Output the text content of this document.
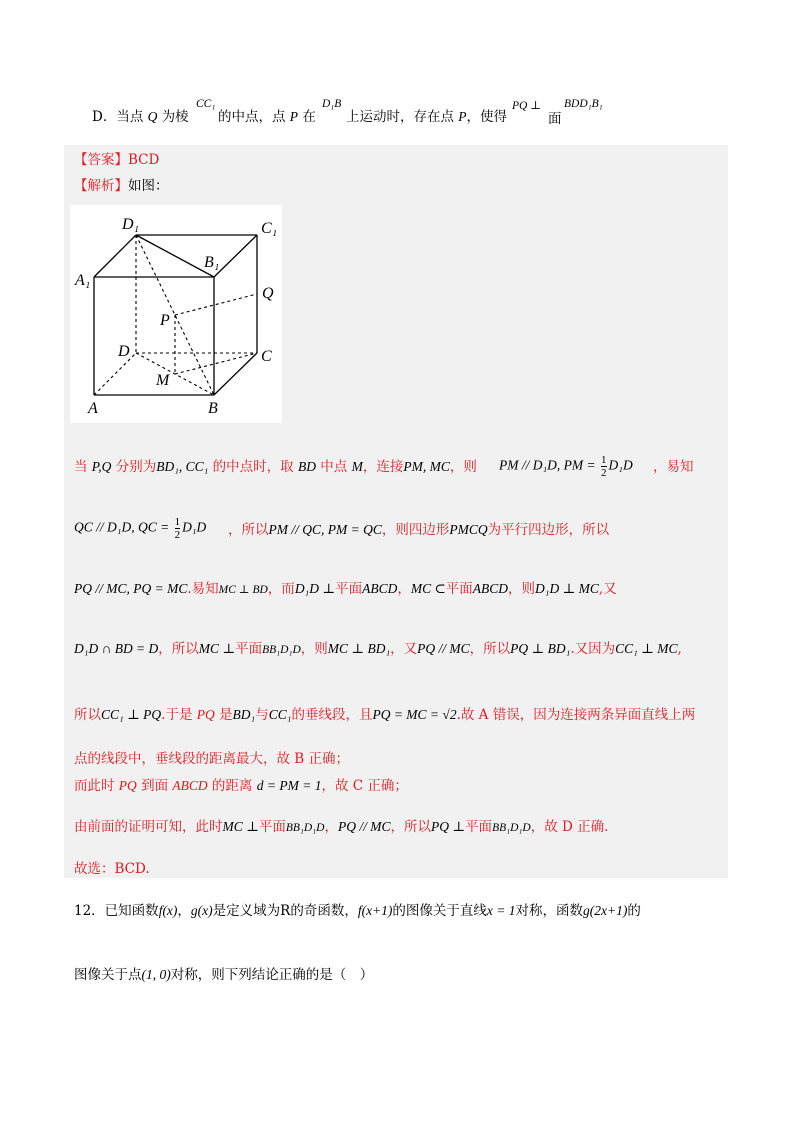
D．当点 Q 为棱
CC₁
的中点，点 P 在
D₁B
上运动时，存在点 P，使得
PQ ⊥
面
BDD₁B₁
【答案】BCD
【解析】如图：
D₁	C₁
B₁
A₁
Q
P
D	C
M
A	B
当 P,Q 分别为BD₁, CC₁ 的中点时，取 BD 中点 M，连接PM, MC，则 PM // D₁D, PM = $\frac{1}{2} D_1D$ ，易知
QC // D₁D, QC = $\frac{1}{2} D_1D$ ，所以PM // QC, PM = QC，则四边形PMCQ为平行四边形，所以
PQ // MC, PQ = MC.易知MC ⊥ BD，而D₁D ⊥平面ABCD，MC ⊂平面ABCD，则D₁D ⊥ MC,又
D₁D ∩ BD = D，所以MC ⊥平面BB₁D₁D，则MC ⊥ BD₁，又PQ // MC，所以PQ ⊥ BD₁.又因为CC₁ ⊥ MC,
所以CC₁ ⊥ PQ.于是 PQ 是BD₁与CC₁的垂线段，且PQ = MC = √2.故 A 错误，因为连接两条异面直线上两
点的线段中，垂线段的距离最大，故 B 正确；
而此时 PQ 到面 ABCD 的距离 d = PM = 1，故 C 正确；
由前面的证明可知，此时MC ⊥平面BB₁D₁D，PQ // MC，所以PQ ⊥平面BB₁D₁D，故 D 正确.
故选：BCD.
12．已知函数f(x)，g(x)是定义域为R的奇函数，f(x+1)的图像关于直线x = 1对称，函数g(2x+1)的
图像关于点(1, 0)对称，则下列结论正确的是（　）
